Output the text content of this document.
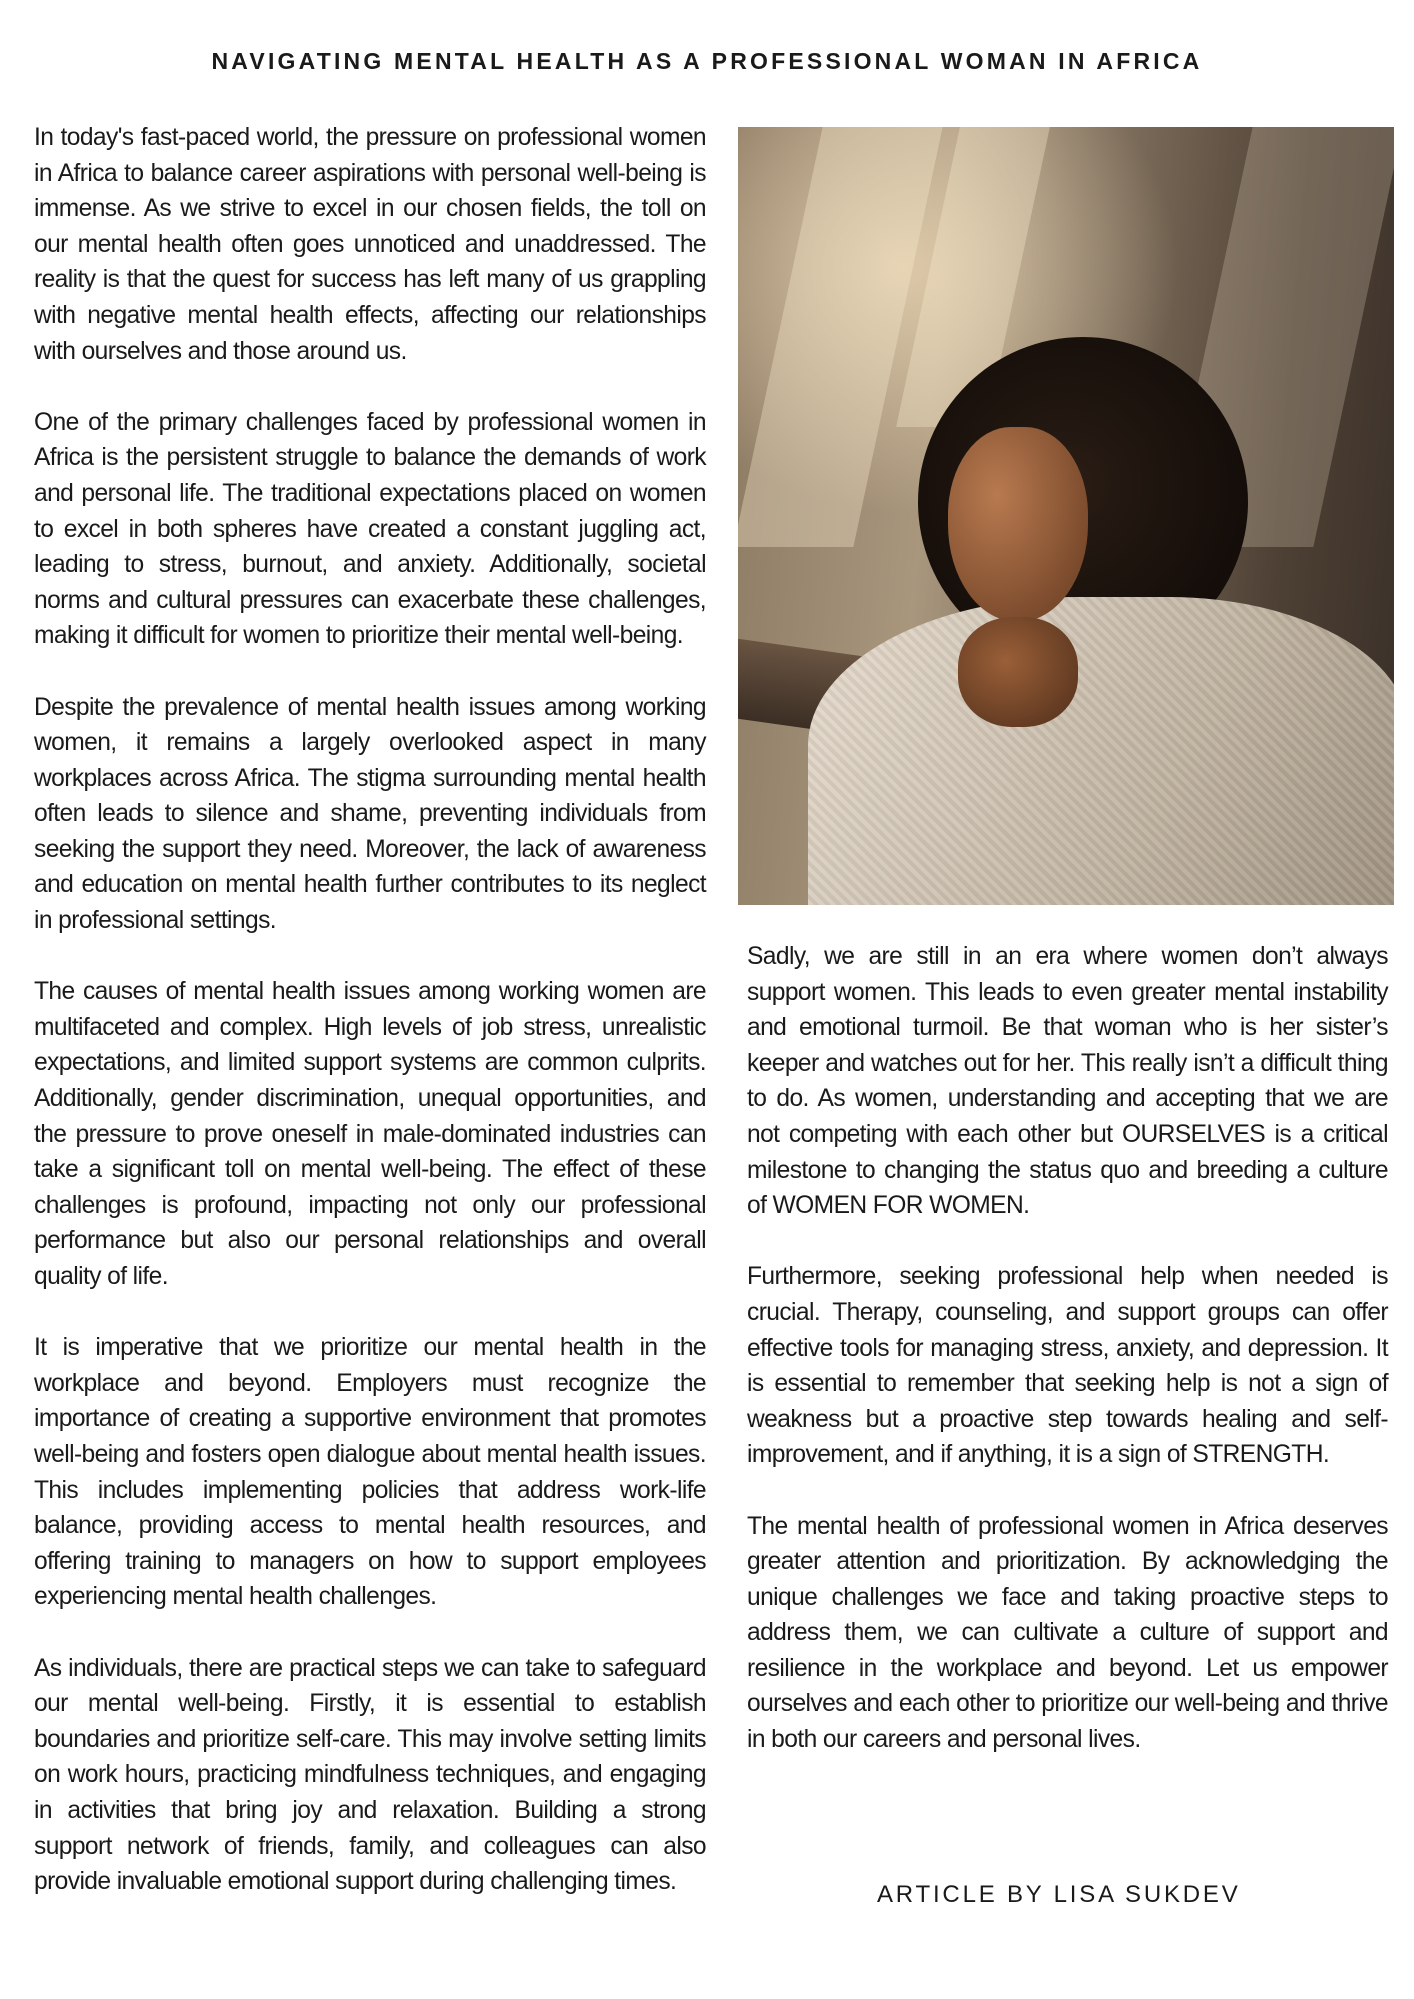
NAVIGATING MENTAL HEALTH AS A PROFESSIONAL WOMAN IN AFRICA

In today's fast-paced world, the pressure on professional women in Africa to balance career aspirations with personal well-being is immense. As we strive to excel in our chosen fields, the toll on our mental health often goes unnoticed and unaddressed. The reality is that the quest for success has left many of us grappling with negative mental health effects, affecting our relationships with ourselves and those around us.

One of the primary challenges faced by professional women in Africa is the persistent struggle to balance the demands of work and personal life. The traditional expectations placed on women to excel in both spheres have created a constant juggling act, leading to stress, burnout, and anxiety. Additionally, societal norms and cultural pressures can exacerbate these challenges, making it difficult for women to prioritize their mental well-being.

Despite the prevalence of mental health issues among working women, it remains a largely overlooked aspect in many workplaces across Africa. The stigma surrounding mental health often leads to silence and shame, preventing individuals from seeking the support they need. Moreover, the lack of awareness and education on mental health further contributes to its neglect in professional settings.

The causes of mental health issues among working women are multifaceted and complex. High levels of job stress, unrealistic expectations, and limited support systems are common culprits. Additionally, gender discrimination, unequal opportunities, and the pressure to prove oneself in male-dominated industries can take a significant toll on mental well-being. The effect of these challenges is profound, impacting not only our professional performance but also our personal relationships and overall quality of life.

It is imperative that we prioritize our mental health in the workplace and beyond. Employers must recognize the importance of creating a supportive environment that promotes well-being and fosters open dialogue about mental health issues. This includes implementing policies that address work-life balance, providing access to mental health resources, and offering training to managers on how to support employees experiencing mental health challenges.

As individuals, there are practical steps we can take to safeguard our mental well-being. Firstly, it is essential to establish boundaries and prioritize self-care. This may involve setting limits on work hours, practicing mindfulness techniques, and engaging in activities that bring joy and relaxation. Building a strong support network of friends, family, and colleagues can also provide invaluable emotional support during challenging times.

Sadly, we are still in an era where women don’t always support women. This leads to even greater mental instability and emotional turmoil. Be that woman who is her sister’s keeper and watches out for her. This really isn’t a difficult thing to do. As women, understanding and accepting that we are not competing with each other but OURSELVES is a critical milestone to changing the status quo and breeding a culture of WOMEN FOR WOMEN.

Furthermore, seeking professional help when needed is crucial. Therapy, counseling, and support groups can offer effective tools for managing stress, anxiety, and depression. It is essential to remember that seeking help is not a sign of weakness but a proactive step towards healing and self-improvement, and if anything, it is a sign of STRENGTH.

The mental health of professional women in Africa deserves greater attention and prioritization. By acknowledging the unique challenges we face and taking proactive steps to address them, we can cultivate a culture of support and resilience in the workplace and beyond. Let us empower ourselves and each other to prioritize our well-being and thrive in both our careers and personal lives.

ARTICLE BY LISA SUKDEV
